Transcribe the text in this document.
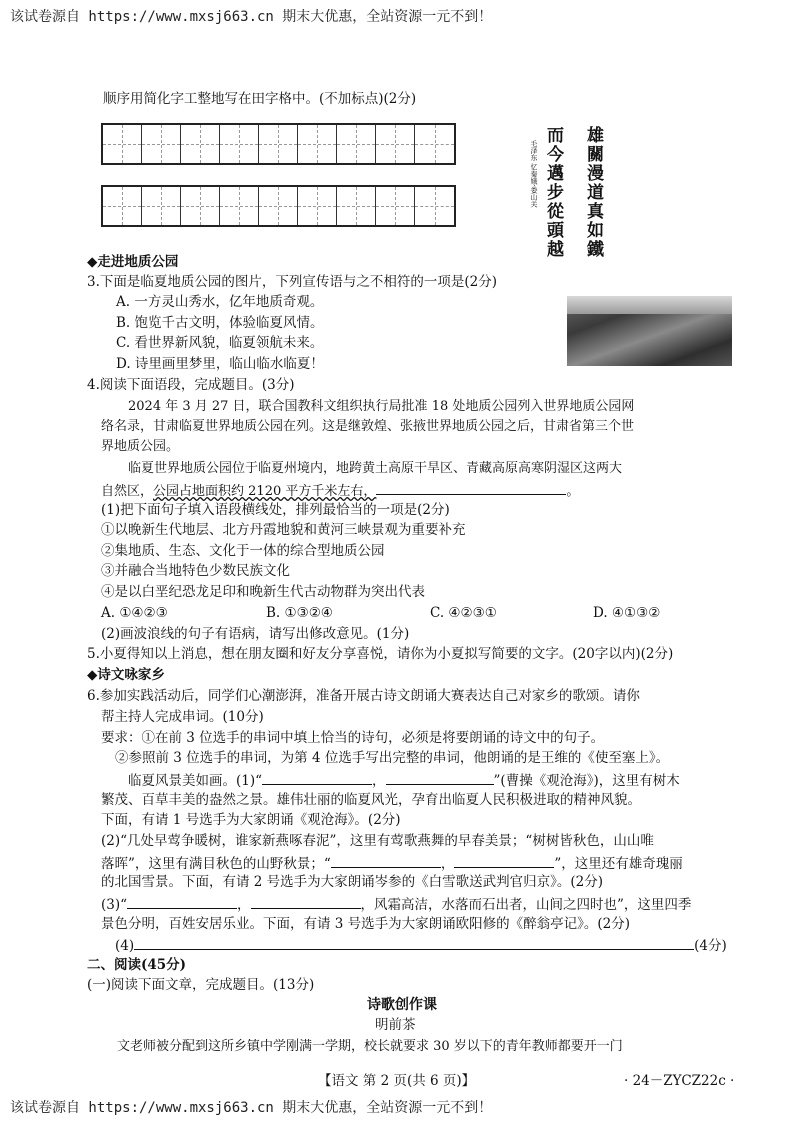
该试卷源自 https://www.mxsj663.cn 期末大优惠，全站资源一元不到！
顺序用简化字工整地写在田字格中。(不加标点)(2分)
雄關漫道真如鐵
而今邁步從頭越
毛泽东 忆秦娥·娄山关
◆走进地质公园
3.下面是临夏地质公园的图片，下列宣传语与之不相符的一项是(2分)
A. 一方灵山秀水，亿年地质奇观。
B. 饱览千古文明，体验临夏风情。
C. 看世界新风貌，临夏领航未来。
D. 诗里画里梦里，临山临水临夏！
4.阅读下面语段，完成题目。(3分)
2024 年 3 月 27 日，联合国教科文组织执行局批准 18 处地质公园列入世界地质公园网
络名录，甘肃临夏世界地质公园在列。这是继敦煌、张掖世界地质公园之后，甘肃省第三个世
界地质公园。
临夏世界地质公园位于临夏州境内，地跨黄土高原干旱区、青藏高原高寒阴湿区这两大
自然区，公园占地面积约 2120 平方千米左右，	。
(1)把下面句子填入语段横线处，排列最恰当的一项是(2分)
①以晚新生代地层、北方丹霞地貌和黄河三峡景观为重要补充
②集地质、生态、文化于一体的综合型地质公园
③并融合当地特色少数民族文化
④是以白垩纪恐龙足印和晚新生代古动物群为突出代表
A. ①④②③	B. ①③②④	C. ④②③①	D. ④①③②
(2)画波浪线的句子有语病，请写出修改意见。(1分)
5.小夏得知以上消息，想在朋友圈和好友分享喜悦，请你为小夏拟写简要的文字。(20字以内)(2分)
◆诗文咏家乡
6.参加实践活动后，同学们心潮澎湃，准备开展古诗文朗诵大赛表达自己对家乡的歌颂。请你
帮主持人完成串词。(10分)
要求：①在前 3 位选手的串词中填上恰当的诗句，必须是将要朗诵的诗文中的句子。
②参照前 3 位选手的串词，为第 4 位选手写出完整的串词，他朗诵的是王维的《使至塞上》。
临夏风景美如画。(1)“	，	”(曹操《观沧海》)，这里有树木
繁茂、百草丰美的盎然之景。雄伟壮丽的临夏风光，孕育出临夏人民积极进取的精神风貌。
下面，有请 1 号选手为大家朗诵《观沧海》。(2分)
(2)“几处早莺争暖树，谁家新燕啄春泥”，这里有莺歌燕舞的早春美景；“树树皆秋色，山山唯
落晖”，这里有满目秋色的山野秋景；“	，	”，这里还有雄奇瑰丽
的北国雪景。下面，有请 2 号选手为大家朗诵岑参的《白雪歌送武判官归京》。(2分)
(3)“	，	，风霜高洁，水落而石出者，山间之四时也”，这里四季
景色分明，百姓安居乐业。下面，有请 3 号选手为大家朗诵欧阳修的《醉翁亭记》。(2分)
(4)	(4分)
二、阅读(45分)
(一)阅读下面文章，完成题目。(13分)
诗歌创作课
明前茶
文老师被分配到这所乡镇中学刚满一学期，校长就要求 30 岁以下的青年教师都要开一门
【语文 第 2 页(共 6 页)】	· 24－ZYCZ22c ·
该试卷源自 https://www.mxsj663.cn 期末大优惠，全站资源一元不到！
